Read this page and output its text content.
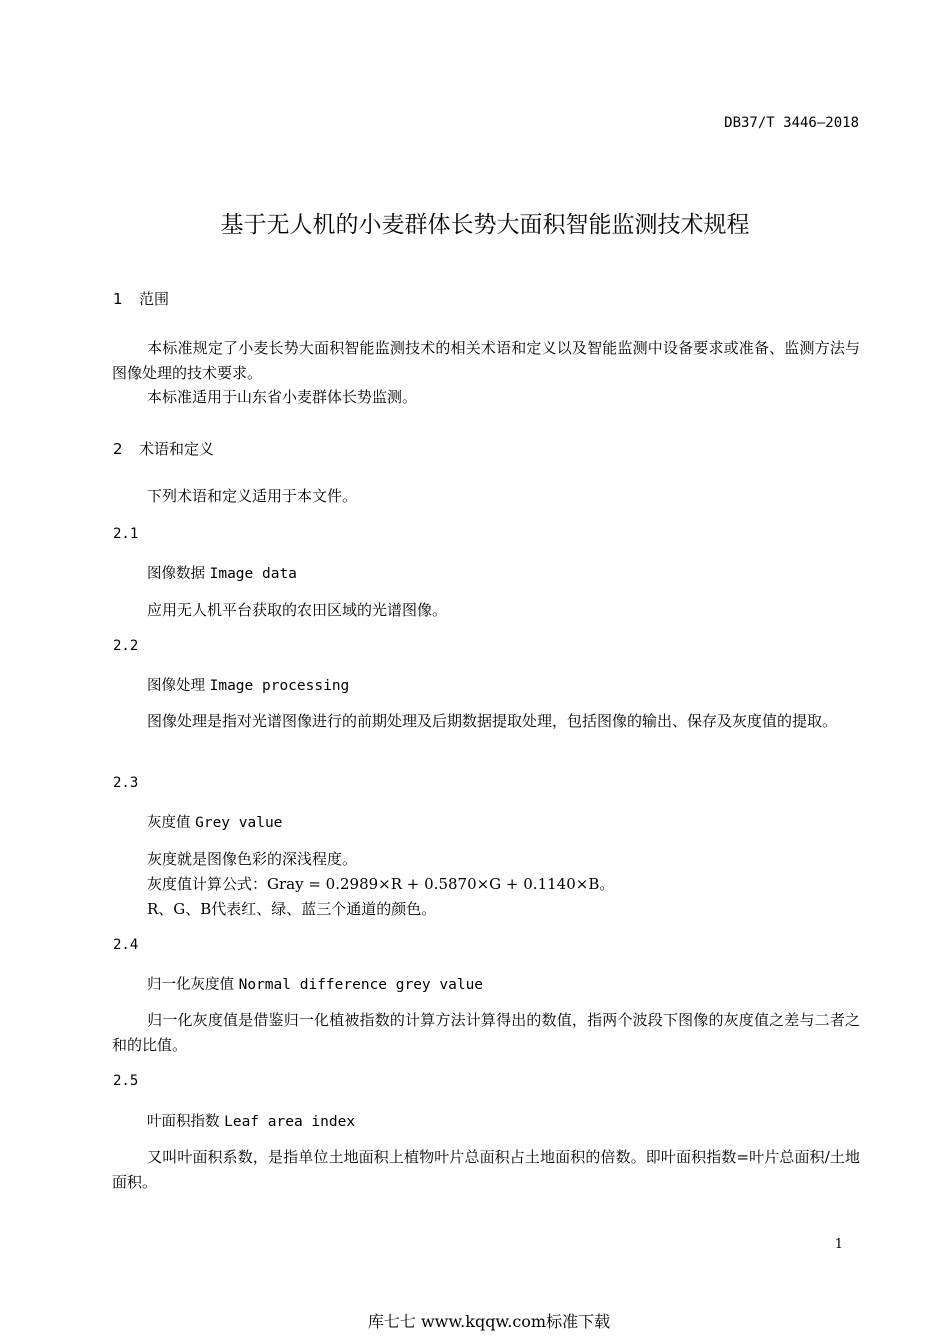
DB37/T 3446—2018
基于无人机的小麦群体长势大面积智能监测技术规程
1 范围
本标准规定了小麦长势大面积智能监测技术的相关术语和定义以及智能监测中设备要求或准备、监测方法与图像处理的技术要求。
本标准适用于山东省小麦群体长势监测。
2 术语和定义
下列术语和定义适用于本文件。
2.1
图像数据 Image data
应用无人机平台获取的农田区域的光谱图像。
2.2
图像处理 Image processing
图像处理是指对光谱图像进行的前期处理及后期数据提取处理，包括图像的输出、保存及灰度值的提取。
2.3
灰度值 Grey value
灰度就是图像色彩的深浅程度。
灰度值计算公式：Gray = 0.2989×R + 0.5870×G + 0.1140×B。
R、G、B代表红、绿、蓝三个通道的颜色。
2.4
归一化灰度值 Normal difference grey value
归一化灰度值是借鉴归一化植被指数的计算方法计算得出的数值，指两个波段下图像的灰度值之差与二者之和的比值。
2.5
叶面积指数 Leaf area index
又叫叶面积系数，是指单位土地面积上植物叶片总面积占土地面积的倍数。即叶面积指数=叶片总面积/土地面积。
1
库七七 www.kqqw.com标准下载
